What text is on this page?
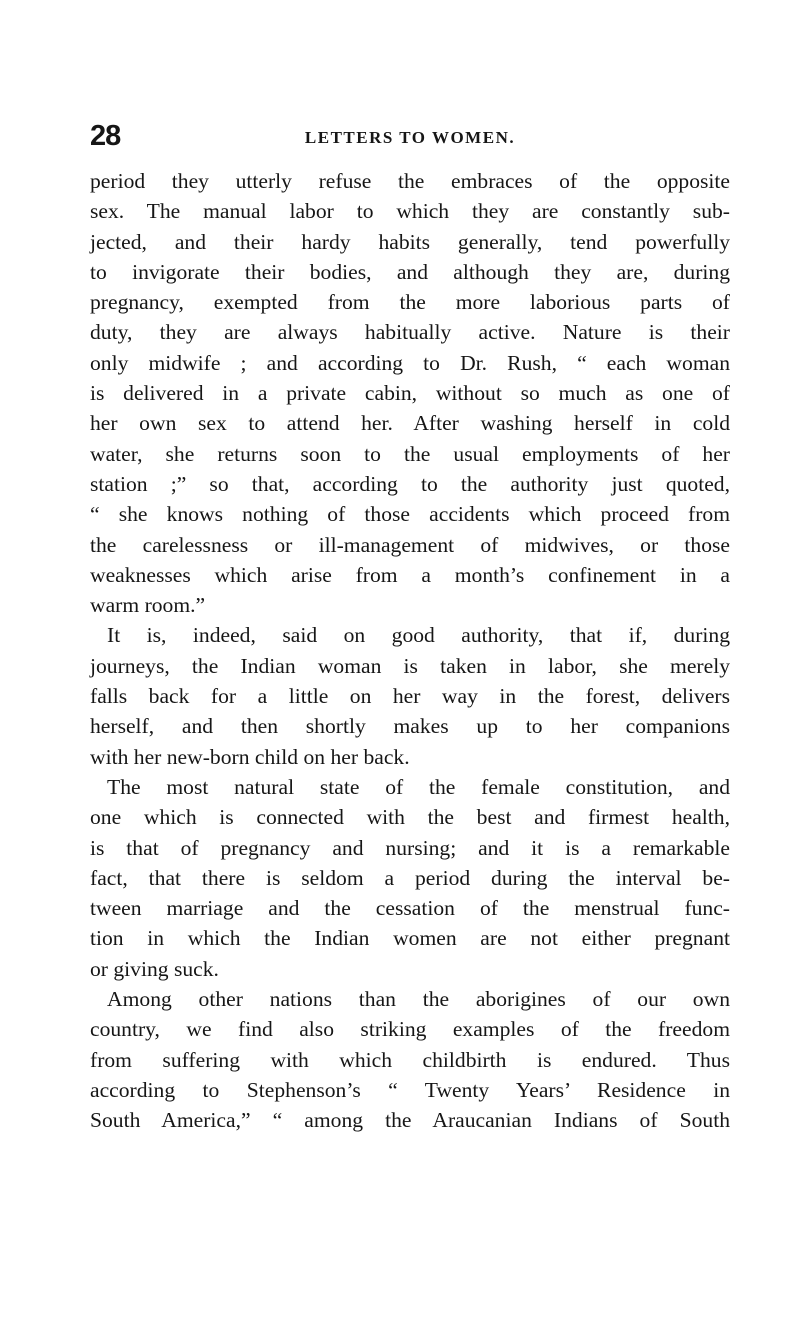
28	LETTERS TO WOMEN.
period they utterly refuse the embraces of the opposite
sex. The manual labor to which they are constantly sub-
jected, and their hardy habits generally, tend powerfully
to invigorate their bodies, and although they are, during
pregnancy, exempted from the more laborious parts of
duty, they are always habitually active. Nature is their
only midwife ; and according to Dr. Rush, “ each woman
is delivered in a private cabin, without so much as one of
her own sex to attend her. After washing herself in cold
water, she returns soon to the usual employments of her
station ;” so that, according to the authority just quoted,
“ she knows nothing of those accidents which proceed from
the carelessness or ill-management of midwives, or those
weaknesses which arise from a month’s confinement in a
warm room.”
It is, indeed, said on good authority, that if, during
journeys, the Indian woman is taken in labor, she merely
falls back for a little on her way in the forest, delivers
herself, and then shortly makes up to her companions
with her new-born child on her back.
The most natural state of the female constitution, and
one which is connected with the best and firmest health,
is that of pregnancy and nursing; and it is a remarkable
fact, that there is seldom a period during the interval be-
tween marriage and the cessation of the menstrual func-
tion in which the Indian women are not either pregnant
or giving suck.
Among other nations than the aborigines of our own
country, we find also striking examples of the freedom
from suffering with which childbirth is endured. Thus
according to Stephenson’s “ Twenty Years’ Residence in
South America,” “ among the Araucanian Indians of South
